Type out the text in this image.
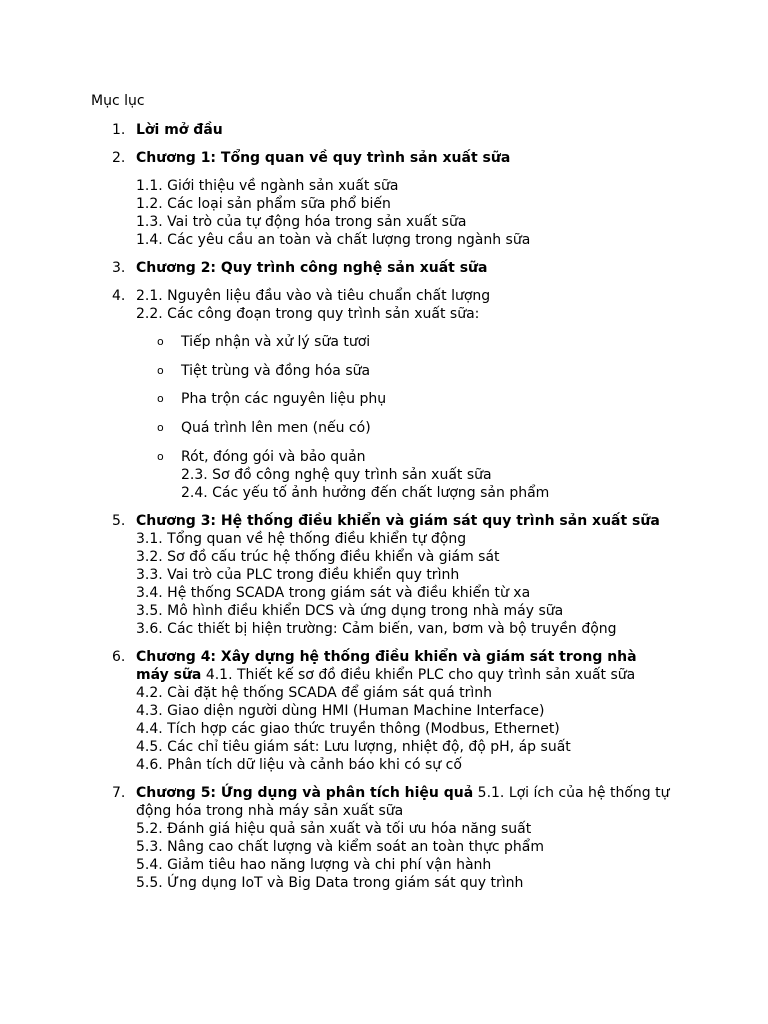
Mục lục
1. Lời mở đầu
2. Chương 1: Tổng quan về quy trình sản xuất sữa
1.1. Giới thiệu về ngành sản xuất sữa
1.2. Các loại sản phẩm sữa phổ biến
1.3. Vai trò của tự động hóa trong sản xuất sữa
1.4. Các yêu cầu an toàn và chất lượng trong ngành sữa
3. Chương 2: Quy trình công nghệ sản xuất sữa
4. 2.1. Nguyên liệu đầu vào và tiêu chuẩn chất lượng
2.2. Các công đoạn trong quy trình sản xuất sữa:
o Tiếp nhận và xử lý sữa tươi
o Tiệt trùng và đồng hóa sữa
o Pha trộn các nguyên liệu phụ
o Quá trình lên men (nếu có)
o Rót, đóng gói và bảo quản
2.3. Sơ đồ công nghệ quy trình sản xuất sữa
2.4. Các yếu tố ảnh hưởng đến chất lượng sản phẩm
5. Chương 3: Hệ thống điều khiển và giám sát quy trình sản xuất sữa
3.1. Tổng quan về hệ thống điều khiển tự động
3.2. Sơ đồ cấu trúc hệ thống điều khiển và giám sát
3.3. Vai trò của PLC trong điều khiển quy trình
3.4. Hệ thống SCADA trong giám sát và điều khiển từ xa
3.5. Mô hình điều khiển DCS và ứng dụng trong nhà máy sữa
3.6. Các thiết bị hiện trường: Cảm biến, van, bơm và bộ truyền động
6. Chương 4: Xây dựng hệ thống điều khiển và giám sát trong nhà máy sữa 4.1. Thiết kế sơ đồ điều khiển PLC cho quy trình sản xuất sữa
4.2. Cài đặt hệ thống SCADA để giám sát quá trình
4.3. Giao diện người dùng HMI (Human Machine Interface)
4.4. Tích hợp các giao thức truyền thông (Modbus, Ethernet)
4.5. Các chỉ tiêu giám sát: Lưu lượng, nhiệt độ, độ pH, áp suất
4.6. Phân tích dữ liệu và cảnh báo khi có sự cố
7. Chương 5: Ứng dụng và phân tích hiệu quả 5.1. Lợi ích của hệ thống tự động hóa trong nhà máy sản xuất sữa
5.2. Đánh giá hiệu quả sản xuất và tối ưu hóa năng suất
5.3. Nâng cao chất lượng và kiểm soát an toàn thực phẩm
5.4. Giảm tiêu hao năng lượng và chi phí vận hành
5.5. Ứng dụng IoT và Big Data trong giám sát quy trình
